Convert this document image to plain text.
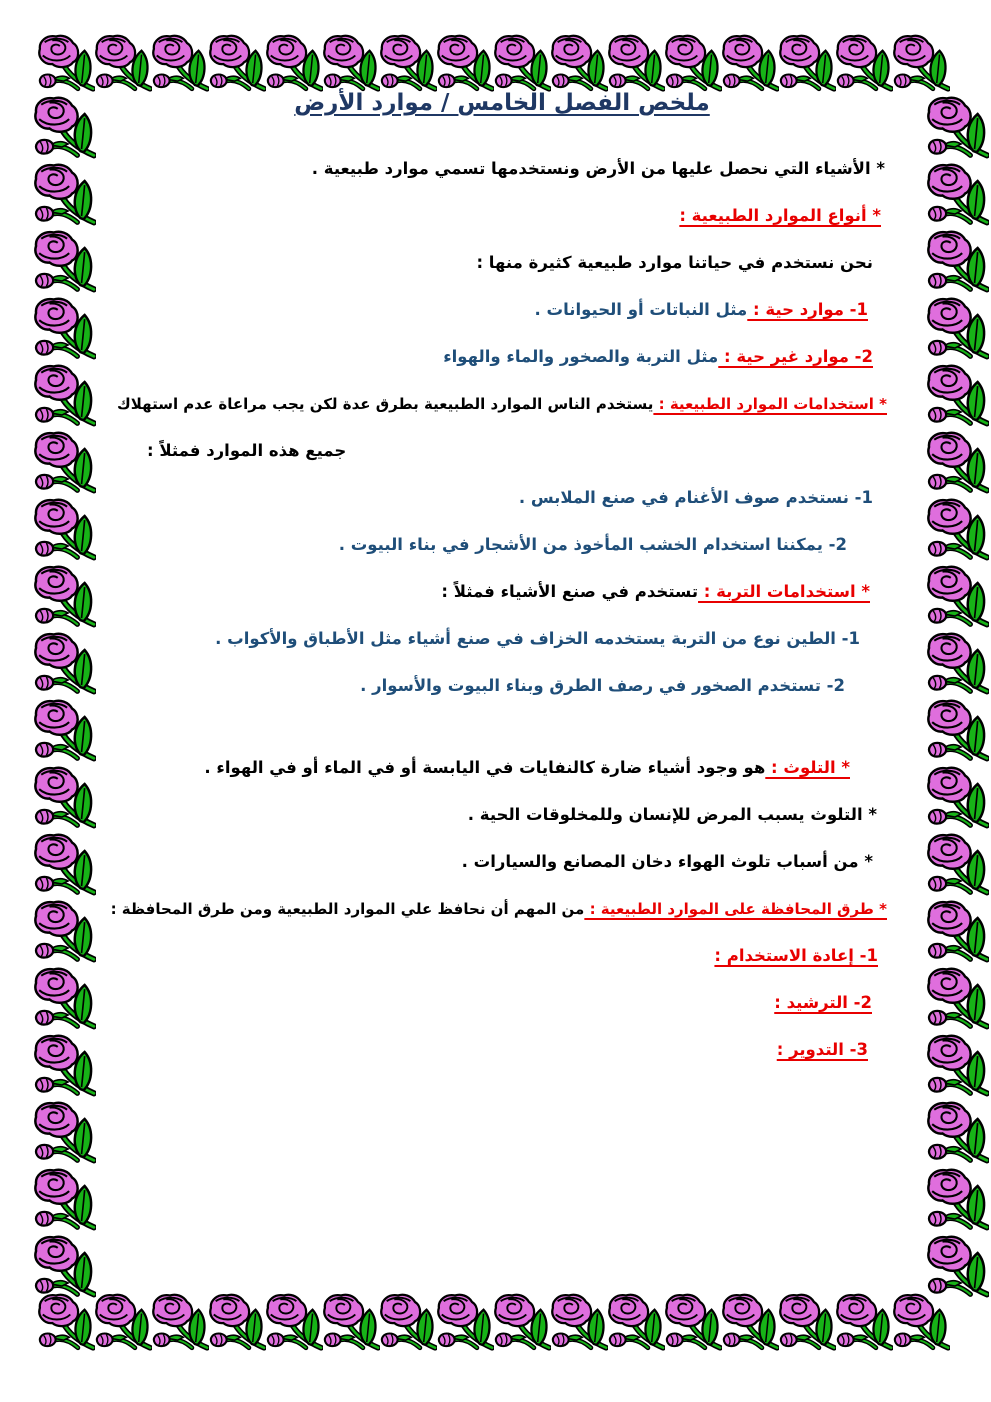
ملخص الفصل الخامس / موارد الأرض
* الأشياء التي نحصل عليها من الأرض ونستخدمها تسمي موارد طبيعية .
* أنواع الموارد الطبيعية :
نحن نستخدم في حياتنا موارد طبيعية كثيرة منها :
1- موارد حية : مثل النباتات أو الحيوانات .
2- موارد غير حية : مثل التربة والصخور والماء والهواء
* استخدامات الموارد الطبيعية : يستخدم الناس الموارد الطبيعية بطرق عدة لكن يجب مراعاة عدم استهلاك
جميع هذه الموارد فمثلاً :
1- نستخدم صوف الأغنام في صنع الملابس .
2- يمكننا استخدام الخشب المأخوذ من الأشجار في بناء البيوت .
* استخدامات التربة : تستخدم في صنع الأشياء فمثلاً :
1- الطين نوع من التربة يستخدمه الخزاف في صنع أشياء مثل الأطباق والأكواب .
2- تستخدم الصخور في رصف الطرق وبناء البيوت والأسوار .
* التلوث : هو وجود أشياء ضارة كالنفايات في اليابسة أو في الماء أو في الهواء .
* التلوث يسبب المرض للإنسان وللمخلوقات الحية .
* من أسباب تلوث الهواء دخان المصانع والسيارات .
* طرق المحافظة على الموارد الطبيعية : من المهم أن نحافظ علي الموارد الطبيعية ومن طرق المحافظة :
1- إعادة الاستخدام :
2- الترشيد :
3- التدوير :
